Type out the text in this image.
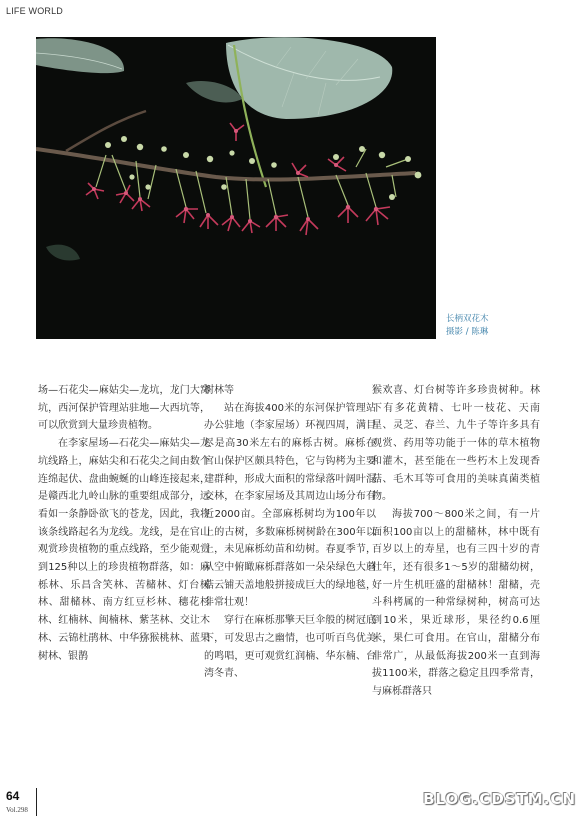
LIFE WORLD
长柄双花木
摄影 / 陈琳

场—石花尖—麻姑尖—龙坑，龙门大窝坑，西河保护管理站驻地—大西坑等，可以欣赏到大量珍贵植物。

在李家屋场—石花尖—麻姑尖—龙坑线路上，麻姑尖和石花尖之间由数个连绵起伏、盘曲蜿蜒的山峰连接起来，是赣西北九岭山脉的重要组成部分，远看如一条静卧欲飞的苍龙，因此，我将该条线路起名为龙线。龙线，是在官山观赏珍贵植物的重点线路，至少能观赏到125种以上的珍贵植物群落，如：麻栎林、乐昌含笑林、苦槠林、灯台树林、甜槠林、南方红豆杉林、穗花杉林、红楠林、闽楠林、紫茎林、交让木林、云锦杜鹃林、中华猕猴桃林、蓝果树林、银鹊

树林等

站在海拔400米的东河保护管理站办公驻地（李家屋场）环视四周，满目尽是高30米左右的麻栎古树。麻栎在官山保护区颇具特色，它与钩栲为主要建群种，形成大面积的常绿落叶阔叶混交林，在李家屋场及其周边山场分布有近2000亩。全部麻栎树均为100年以上的古树，多数麻栎树树龄在300年以上，未见麻栎幼苗和幼树。春夏季节，从空中俯瞰麻栎群落如一朵朵绿色大蘑菇云铺天盖地般拼接成巨大的绿地毯，非常壮观！

穿行在麻栎那擎天巨伞般的树冠底下，可发思古之幽情，也可听百鸟优美的鸣唱，更可观赏红润楠、华东楠、台湾冬青、

猴欢喜、灯台树等许多珍贵树种。林下有多花黄精、七叶一枝花、天南星、灵芝、春兰、九牛子等许多具有观赏、药用等功能于一体的草木植物和灌木，甚至能在一些朽木上发现香菇、毛木耳等可食用的美味真菌类植物。

海拔700～800米之间，有一片面积100亩以上的甜槠林，林中既有百岁以上的寿星，也有三四十岁的青壮年，还有很多1～5岁的甜槠幼树，好一片生机旺盛的甜槠林！甜槠，壳斗科栲属的一种常绿树种，树高可达到10米，果近球形，果径约0.6厘米，果仁可食用。在官山，甜槠分布非常广，从最低海拔200米一直到海拔1100米，群落之稳定且四季常青，与麻栎群落只

64
Vol.298
BLOG.CDSTM.CN
